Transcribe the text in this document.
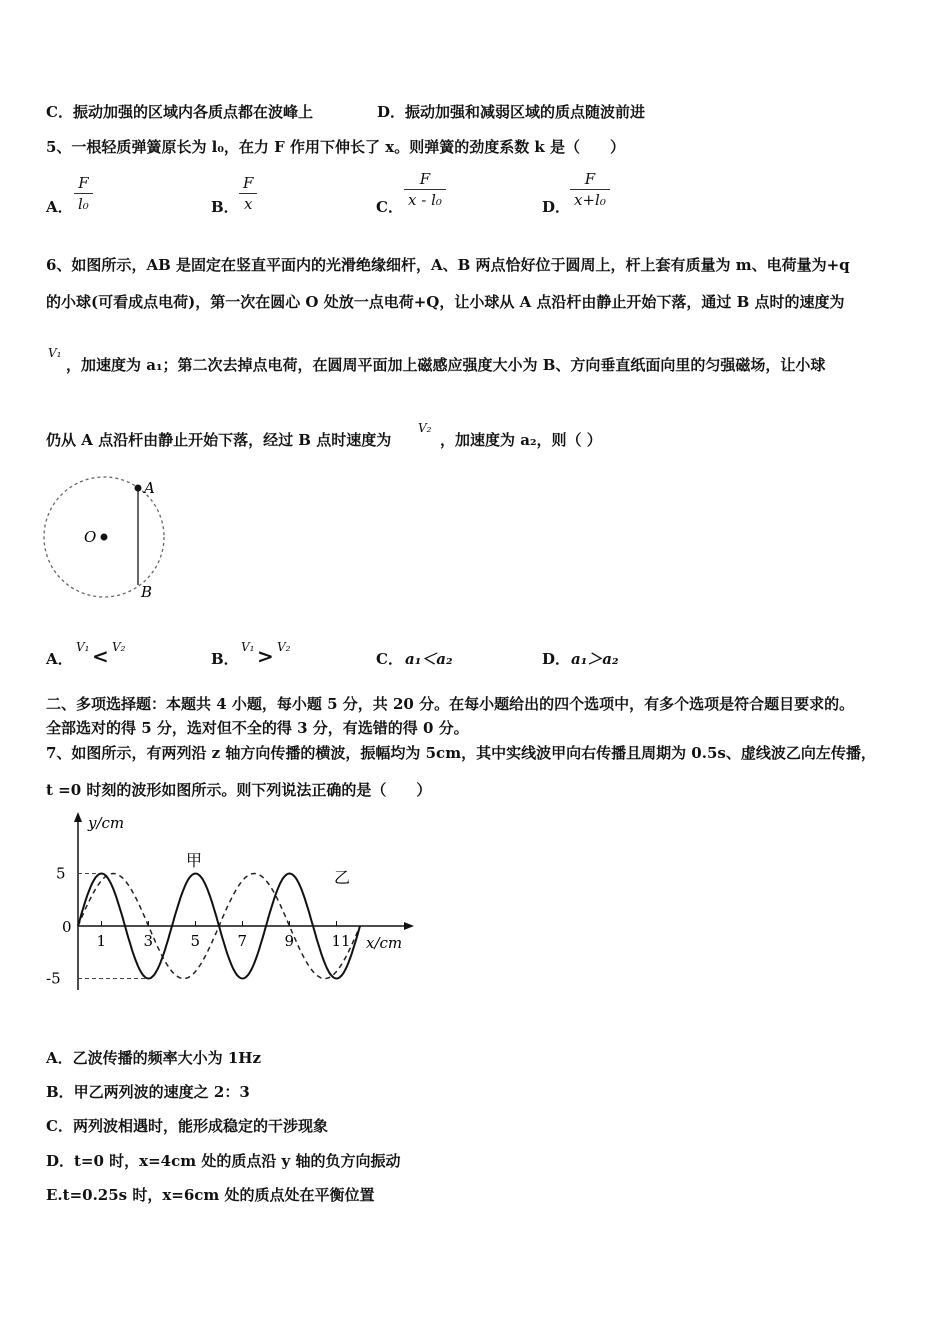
C．振动加强的区域内各质点都在波峰上	D．振动加强和减弱区域的质点随波前进
5、一根轻质弹簧原长为 l₀，在力 F 作用下伸长了 x。则弹簧的劲度系数 k 是（　　）
A．
F
l₀	B．
F
x	C．
F
x - l₀	D．
F
x+l₀
6、如图所示，AB 是固定在竖直平面内的光滑绝缘细杆，A、B 两点恰好位于圆周上，杆上套有质量为 m、电荷量为+q
的小球(可看成点电荷)，第一次在圆心 O 处放一点电荷+Q，让小球从 A 点沿杆由静止开始下落，通过 B 点时的速度为
V₁
，加速度为 a₁；第二次去掉点电荷，在圆周平面加上磁感应强度大小为 B、方向垂直纸面向里的匀强磁场，让小球
仍从 A 点沿杆由静止开始下落，经过 B 点时速度为
V₂
，加速度为 a₂，则（ ）
A
O
B
A．
V₁ < V₂
B．
V₁ > V₂
C． a₁＜a₂	D． a₁＞a₂
二、多项选择题：本题共 4 小题，每小题 5 分，共 20 分。在每小题给出的四个选项中，有多个选项是符合题目要求的。
全部选对的得 5 分，选对但不全的得 3 分，有选错的得 0 分。
7、如图所示，有两列沿 z 轴方向传播的横波，振幅均为 5cm，其中实线波甲向右传播且周期为 0.5s、虚线波乙向左传播，
t =0 时刻的波形如图所示。则下列说法正确的是（　　）
1 3 5 7 9 11
5
-5
y/cm
x/cm
0
甲
乙
A．乙波传播的频率大小为 1Hz
B．甲乙两列波的速度之 2：3
C．两列波相遇时，能形成稳定的干涉现象
D．t=0 时，x=4cm 处的质点沿 y 轴的负方向振动
E.t=0.25s 时，x=6cm 处的质点处在平衡位置
